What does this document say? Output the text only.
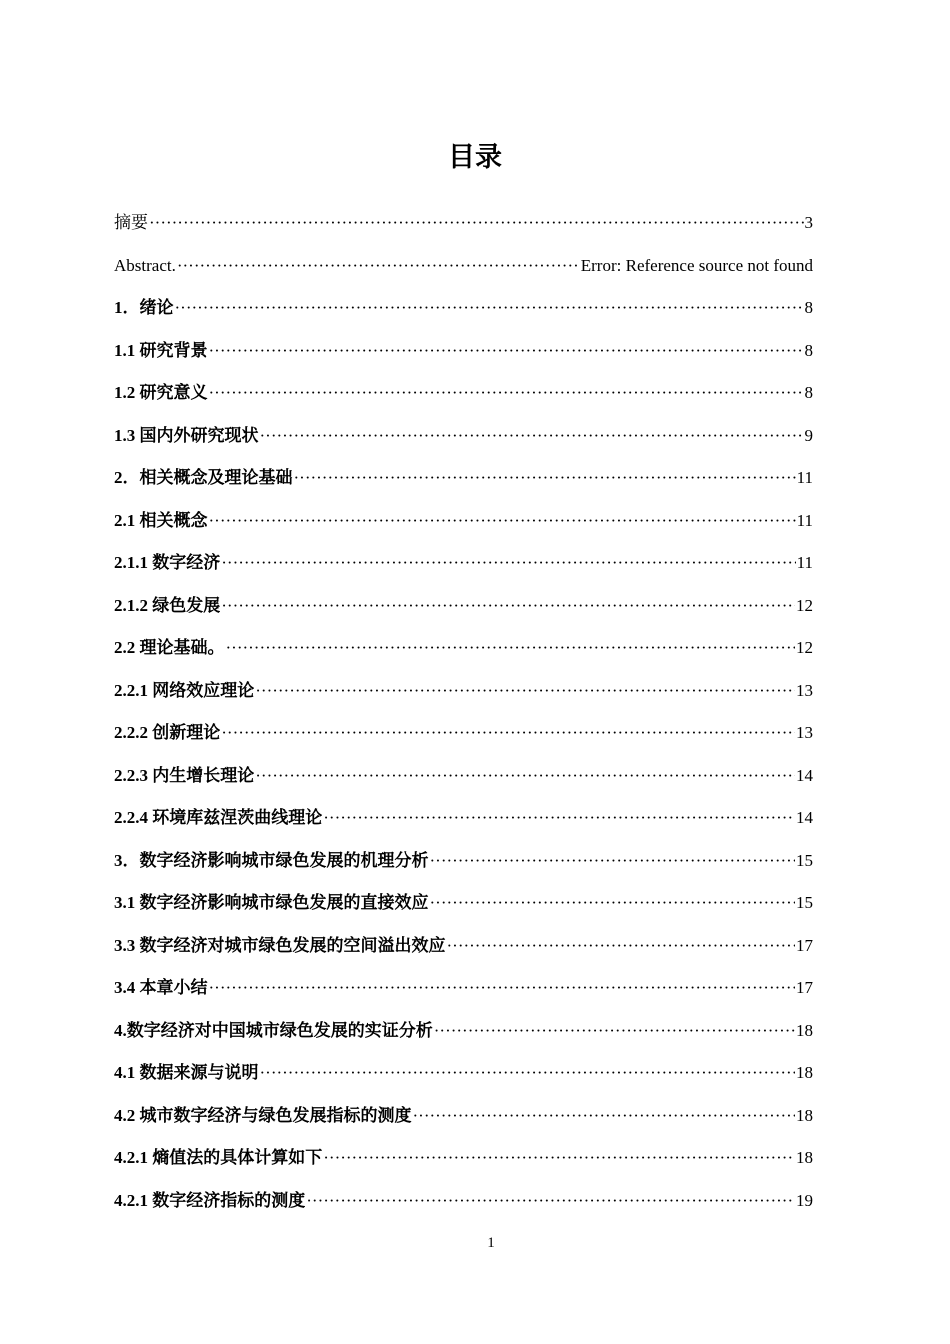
目录
摘要 ·····	3
Abstract. ·····	Error: Reference source not found
1．绪论 ·····	8
1.1 研究背景 ·····	8
1.2 研究意义 ·····	8
1.3 国内外研究现状 ·····	9
2．相关概念及理论基础 ·····	11
2.1 相关概念 ·····	11
2.1.1 数字经济 ·····	11
2.1.2 绿色发展 ·····	12
2.2 理论基础。 ·····	12
2.2.1 网络效应理论 ·····	13
2.2.2 创新理论 ·····	13
2.2.3 内生增长理论 ·····	14
2.2.4 环境库兹涅茨曲线理论 ·····	14
3．数字经济影响城市绿色发展的机理分析 ·····	15
3.1 数字经济影响城市绿色发展的直接效应 ·····	15
3.3 数字经济对城市绿色发展的空间溢出效应 ·····	17
3.4 本章小结 ·····	17
4.数字经济对中国城市绿色发展的实证分析 ·····	18
4.1 数据来源与说明 ·····	18
4.2 城市数字经济与绿色发展指标的测度 ·····	18
4.2.1 熵值法的具体计算如下 ·····	18
4.2.1 数字经济指标的测度 ·····	19
1
